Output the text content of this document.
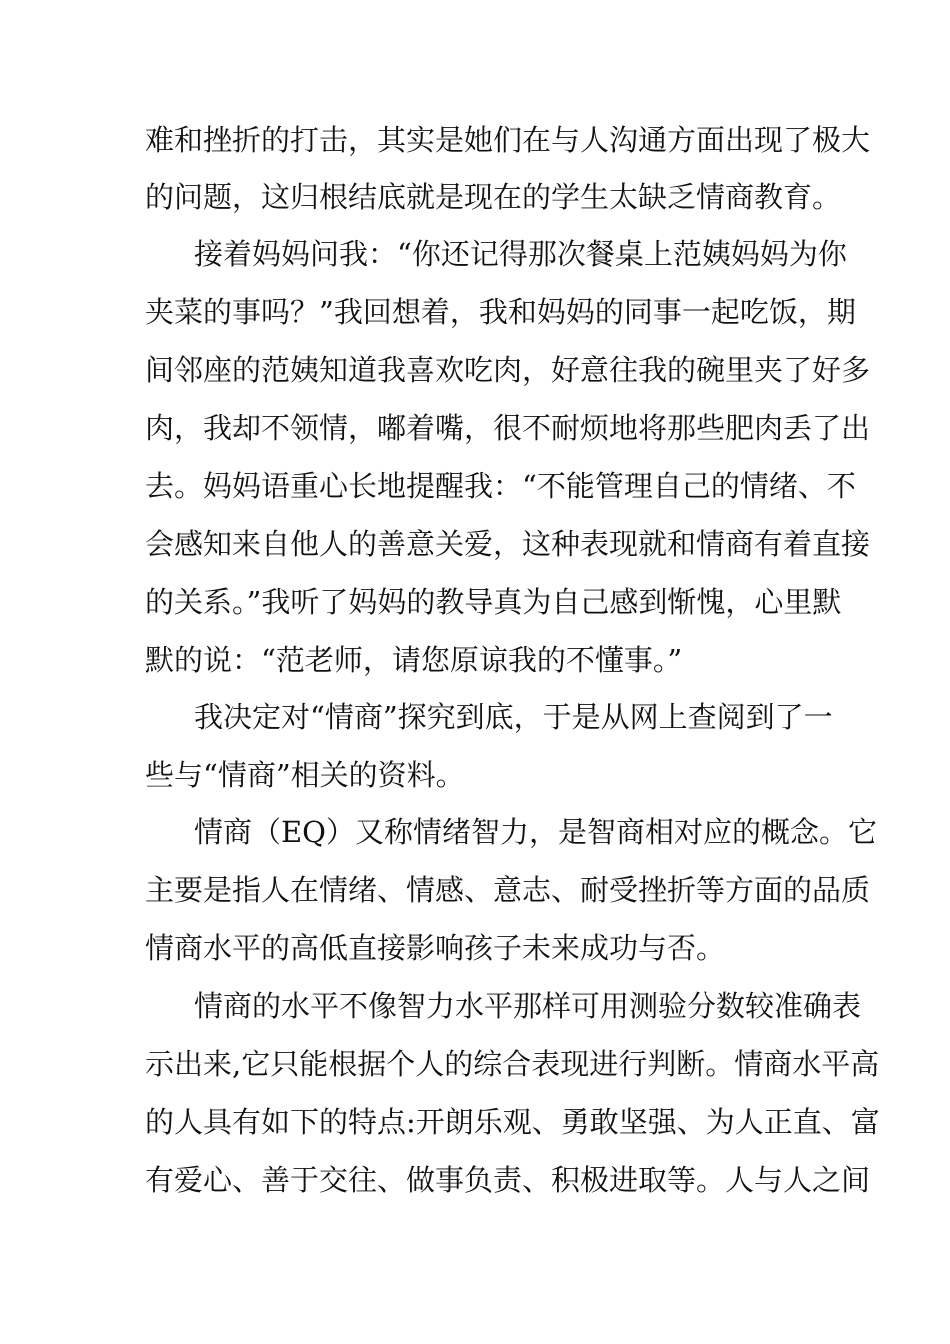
难和挫折的打击，其实是她们在与人沟通方面出现了极大
的问题，这归根结底就是现在的学生太缺乏情商教育。
接着妈妈问我：“你还记得那次餐桌上范姨妈妈为你
夹菜的事吗？”我回想着，我和妈妈的同事一起吃饭，期
间邻座的范姨知道我喜欢吃肉，好意往我的碗里夹了好多
肉，我却不领情，嘟着嘴，很不耐烦地将那些肥肉丢了出
去。妈妈语重心长地提醒我：“不能管理自己的情绪、不
会感知来自他人的善意关爱，这种表现就和情商有着直接
的关系。”我听了妈妈的教导真为自己感到惭愧，心里默
默的说：“范老师，请您原谅我的不懂事。”
我决定对“情商”探究到底，于是从网上查阅到了一
些与“情商”相关的资料。
情商（EQ）又称情绪智力，是智商相对应的概念。它
主要是指人在情绪、情感、意志、耐受挫折等方面的品质
情商水平的高低直接影响孩子未来成功与否。
情商的水平不像智力水平那样可用测验分数较准确表
示出来,它只能根据个人的综合表现进行判断。情商水平高
的人具有如下的特点:开朗乐观、勇敢坚强、为人正直、富
有爱心、善于交往、做事负责、积极进取等。人与人之间
